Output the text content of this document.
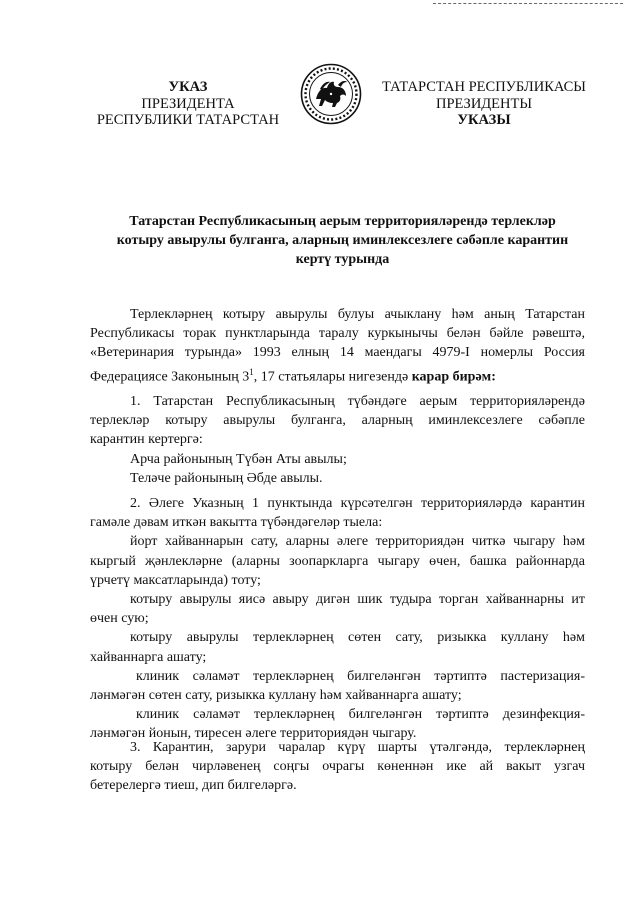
УКАЗ
ПРЕЗИДЕНТА
РЕСПУБЛИКИ ТАТАРСТАН
ТАТАРСТАН РЕСПУБЛИКАСЫ
ПРЕЗИДЕНТЫ
УКАЗЫ
Татарстан Республикасының аерым территорияләрендә терлекләр
котыру авырулы булганга, аларның иминлексезлеге сәбәпле карантин
кертү турында
Терлекләрнең котыру авырулы булуы ачыклану һәм аның Татарстан
Республикасы торак пунктларында таралу куркынычы белән бәйле рәвештә,
«Ветеринария турында» 1993 елның 14 маендагы 4979-I номерлы Россия
Федерациясе Законының $3^1$, 17 статьялары нигезендә карар бирәм:
1. Татарстан Республикасының түбәндәге аерым территорияләрендә
терлекләр котыру авырулы булганга, аларның иминлексезлеге сәбәпле
карантин кертергә:
Арча районының Түбән Аты авылы;
Теләче районының Әбде авылы.
2. Әлеге Указның 1 пунктында күрсәтелгән территорияләрдә карантин
гамәле дәвам иткән вакытта түбәндәгеләр тыела:
йорт хайваннарын сату, аларны әлеге территориядән читкә чыгару һәм
кыргый җәнлекләрне (аларны зоопаркларга чыгару өчен, башка районнарда
үрчетү максатларында) тоту;
котыру авырулы яисә авыру дигән шик тудыра торган хайваннарны ит
өчен сую;
котыру авырулы терлекләрнең сөтен сату, ризыкка куллану һәм
хайваннарга ашату;
клиник сәламәт терлекләрнең билгеләнгән тәртиптә пастеризация-
ләнмәгән сөтен сату, ризыкка куллану һәм хайваннарга ашату;
клиник сәламәт терлекләрнең билгеләнгән тәртиптә дезинфекция-
ләнмәгән йонын, тиресен әлеге территориядән чыгару.
3. Карантин, зарури чаралар күрү шарты үтәлгәндә, терлекләрнең
котыру белән чирләвенең соңгы очрагы көненнән ике ай вакыт узгач
бетерелергә тиеш, дип билгеләргә.
